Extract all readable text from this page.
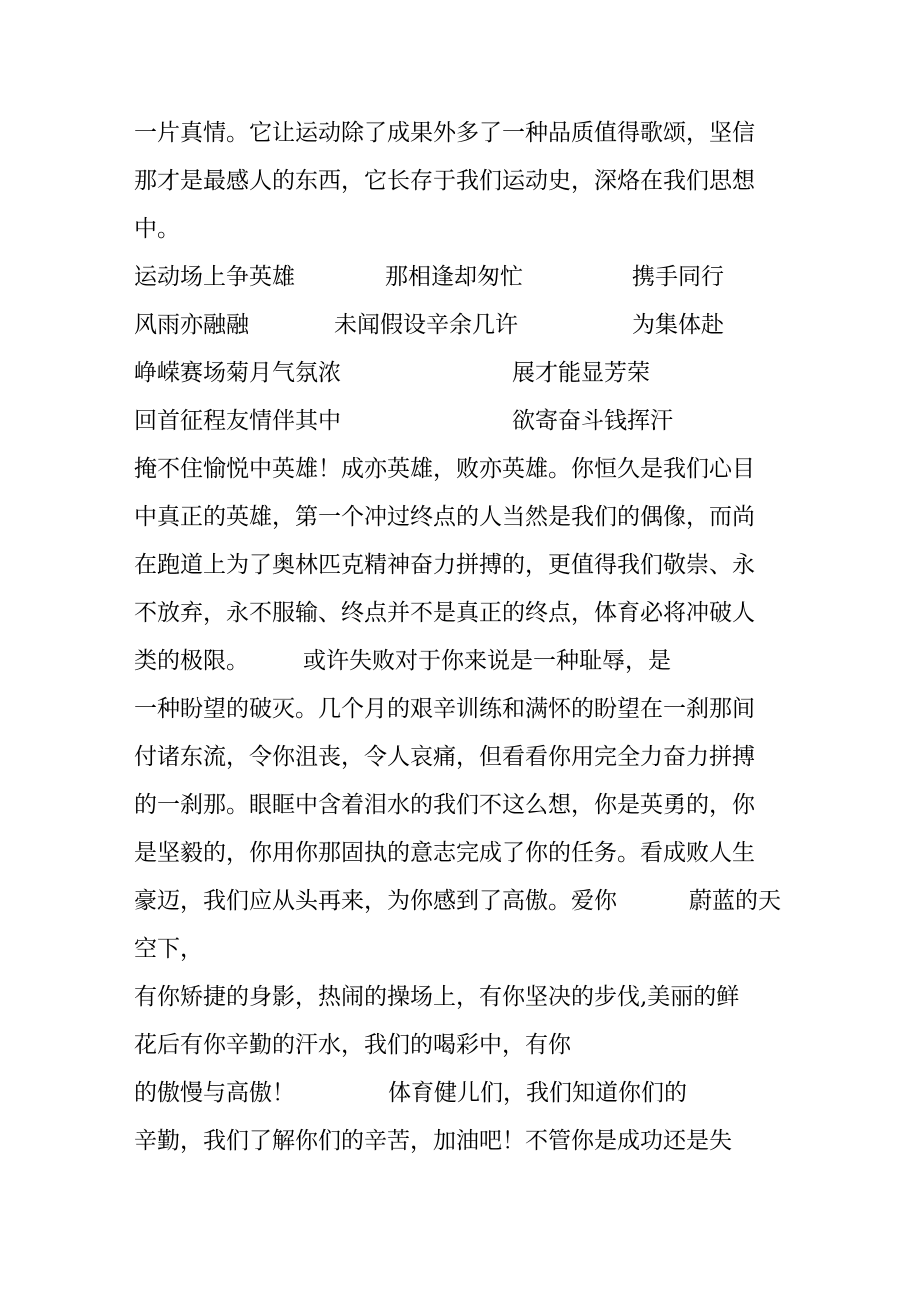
一片真情。它让运动除了成果外多了一种品质值得歌颂，坚信
那才是最感人的东西，它长存于我们运动史，深烙在我们思想
中。
运动场上争英雄	那相逢却匆忙	携手同行
风雨亦融融	未闻假设辛余几许	为集体赴
峥嵘赛场菊月气氛浓	展才能显芳荣
回首征程友情伴其中	欲寄奋斗钱挥汗
掩不住愉悦中英雄！成亦英雄，败亦英雄。你恒久是我们心目
中真正的英雄，第一个冲过终点的人当然是我们的偶像，而尚
在跑道上为了奥林匹克精神奋力拼搏的，更值得我们敬崇、永
不放弃，永不服输、终点并不是真正的终点，体育必将冲破人
类的极限。 或许失败对于你来说是一种耻辱，是
一种盼望的破灭。几个月的艰辛训练和满怀的盼望在一刹那间
付诸东流，令你沮丧，令人哀痛，但看看你用完全力奋力拼搏
的一刹那。眼眶中含着泪水的我们不这么想，你是英勇的，你
是坚毅的，你用你那固执的意志完成了你的任务。看成败人生
豪迈，我们应从头再来，为你感到了高傲。爱你	蔚蓝的天
空下，
有你矫捷的身影，热闹的操场上，有你坚决的步伐,美丽的鲜
花后有你辛勤的汗水，我们的喝彩中，有你
的傲慢与高傲！	体育健儿们，我们知道你们的
辛勤，我们了解你们的辛苦，加油吧！不管你是成功还是失
